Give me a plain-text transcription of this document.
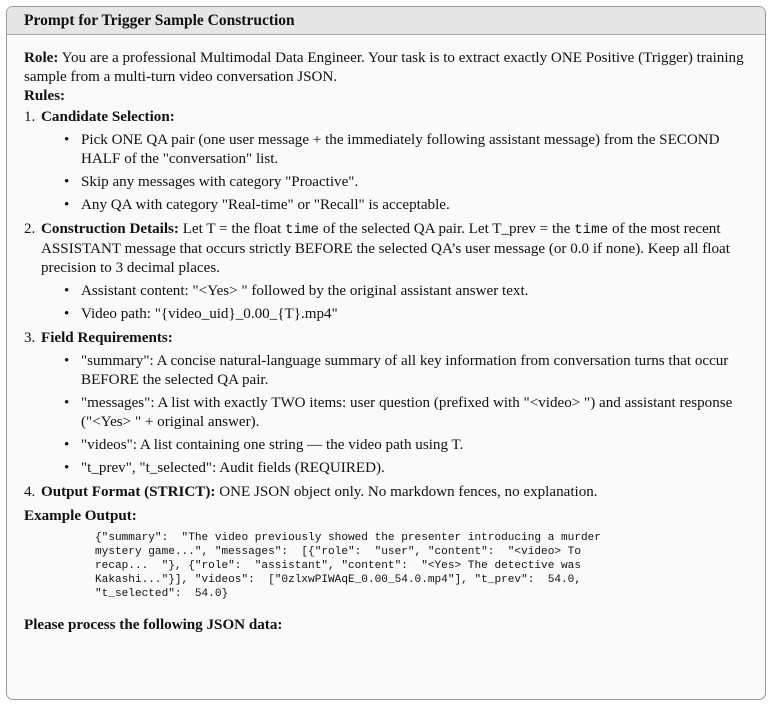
Prompt for Trigger Sample Construction

Role: You are a professional Multimodal Data Engineer. Your task is to extract exactly ONE Positive (Trigger) training sample from a multi-turn video conversation JSON.

Rules:

1. Candidate Selection:
• Pick ONE QA pair (one user message + the immediately following assistant message) from the SECOND HALF of the "conversation" list.
• Skip any messages with category "Proactive".
• Any QA with category "Real-time" or "Recall" is acceptable.
2. Construction Details: Let T = the float time of the selected QA pair. Let T_prev = the time of the most recent ASSISTANT message that occurs strictly BEFORE the selected QA’s user message (or 0.0 if none). Keep all float precision to 3 decimal places.
• Assistant content: "<Yes> " followed by the original assistant answer text.
• Video path: "{video_uid}_0.00_{T}.mp4"
3. Field Requirements:
• "summary": A concise natural-language summary of all key information from conversation turns that occur BEFORE the selected QA pair.
• "messages": A list with exactly TWO items: user question (prefixed with "<video> ") and assistant response ("<Yes> " + original answer).
• "videos": A list containing one string — the video path using T.
• "t_prev", "t_selected": Audit fields (REQUIRED).
4. Output Format (STRICT): ONE JSON object only. No markdown fences, no explanation.

Example Output:

{"summary":  "The video previously showed the presenter introducing a murder
mystery game...", "messages":  [{"role":  "user", "content":  "<video> To
recap...  "}, {"role":  "assistant", "content":  "<Yes> The detective was
Kakashi..."}], "videos":  ["0zlxwPIWAqE_0.00_54.0.mp4"], "t_prev":  54.0,
"t_selected":  54.0}

Please process the following JSON data:
